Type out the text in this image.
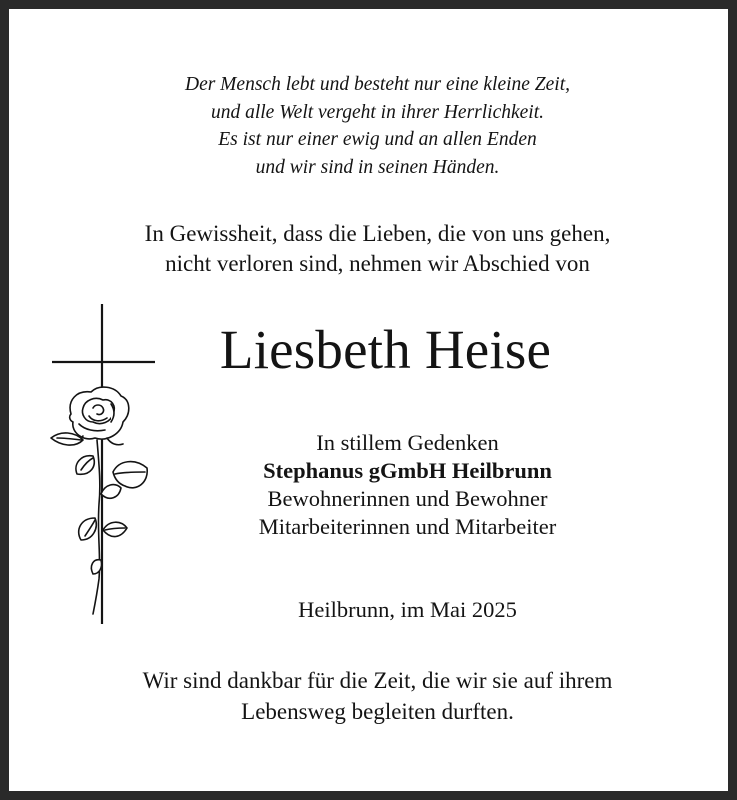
Der Mensch lebt und besteht nur eine kleine Zeit,
und alle Welt vergeht in ihrer Herrlichkeit.
Es ist nur einer ewig und an allen Enden
und wir sind in seinen Händen.
In Gewissheit, dass die Lieben, die von uns gehen,
nicht verloren sind, nehmen wir Abschied von
Liesbeth Heise
In stillem Gedenken
Stephanus gGmbH Heilbrunn
Bewohnerinnen und Bewohner
Mitarbeiterinnen und Mitarbeiter
Heilbrunn, im Mai 2025
Wir sind dankbar für die Zeit, die wir sie auf ihrem
Lebensweg begleiten durften.
